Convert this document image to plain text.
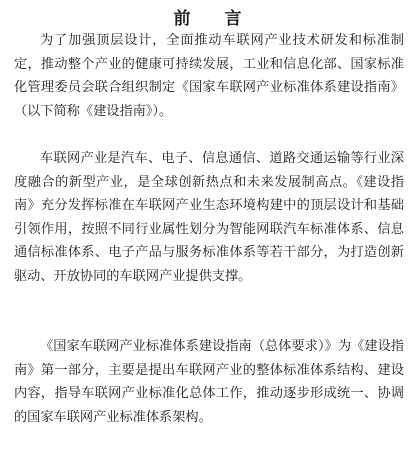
前 言

为了加强顶层设计，全面推动车联网产业技术研发和标准制定，推动整个产业的健康可持续发展，工业和信息化部、国家标准化管理委员会联合组织制定《国家车联网产业标准体系建设指南》（以下简称《建设指南》）。

车联网产业是汽车、电子、信息通信、道路交通运输等行业深度融合的新型产业，是全球创新热点和未来发展制高点。《建设指南》充分发挥标准在车联网产业生态环境构建中的顶层设计和基础引领作用，按照不同行业属性划分为智能网联汽车标准体系、信息通信标准体系、电子产品与服务标准体系等若干部分，为打造创新驱动、开放协同的车联网产业提供支撑。

《国家车联网产业标准体系建设指南（总体要求）》为《建设指南》第一部分，主要是提出车联网产业的整体标准体系结构、建设内容，指导车联网产业标准化总体工作，推动逐步形成统一、协调的国家车联网产业标准体系架构。
